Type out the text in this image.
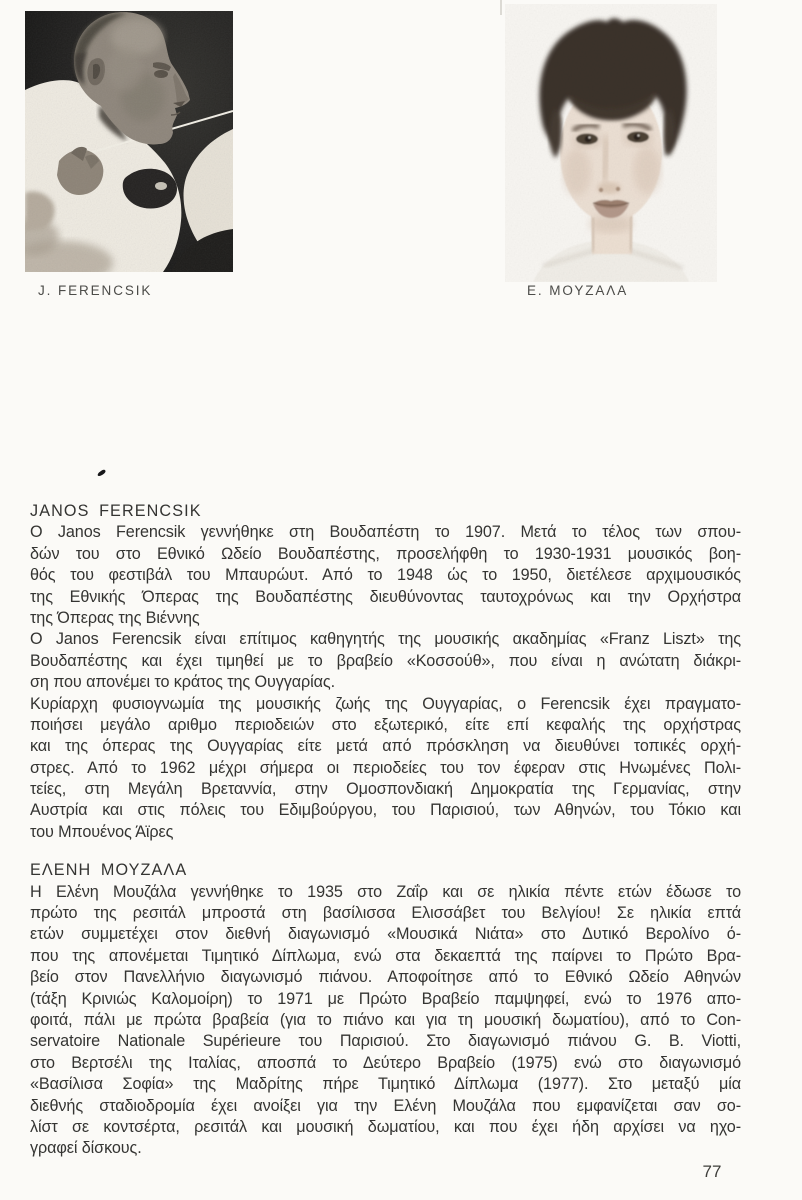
J. FERENCSIK	Ε. ΜΟΥΖΑΛΑ
JANOS FERENCSIK
Ο Janos Ferencsik γεννήθηκε στη Βουδαπέστη το 1907. Μετά το τέλος των σπου-
δών του στο Εθνικό Ωδείο Βουδαπέστης, προσελήφθη το 1930-1931 μουσικός βοη-
θός του φεστιβάλ του Μπαυρώυτ. Από το 1948 ώς το 1950, διετέλεσε αρχιμουσικός
της Εθνικής Όπερας της Βουδαπέστης διευθύνοντας ταυτοχρόνως και την Ορχήστρα
της Όπερας της Βιέννης
Ο Janos Ferencsik είναι επίτιμος καθηγητής της μουσικής ακαδημίας «Franz Liszt» της
Βουδαπέστης και έχει τιμηθεί με το βραβείο «Κοσσούθ», που είναι η ανώτατη διάκρι-
ση που απονέμει το κράτος της Ουγγαρίας.
Κυρίαρχη φυσιογνωμία της μουσικής ζωής της Ουγγαρίας, ο Ferencsik έχει πραγματο-
ποιήσει μεγάλο αριθμο περιοδειών στο εξωτερικό, είτε επί κεφαλής της ορχήστρας
και της όπερας της Ουγγαρίας είτε μετά από πρόσκληση να διευθύνει τοπικές ορχή-
στρες. Από το 1962 μέχρι σήμερα οι περιοδείες του τον έφεραν στις Ηνωμένες Πολι-
τείες, στη Μεγάλη Βρεταννία, στην Ομοσπονδιακή Δημοκρατία της Γερμανίας, στην
Αυστρία και στις πόλεις του Εδιμβούργου, του Παρισιού, των Αθηνών, του Τόκιο και
του Μπουένος Άϊρες
ΕΛΕΝΗ ΜΟΥΖΑΛΑ
Η Ελένη Μουζάλα γεννήθηκε το 1935 στο Ζαΐρ και σε ηλικία πέντε ετών έδωσε το
πρώτο της ρεσιτάλ μπροστά στη βασίλισσα Ελισσάβετ του Βελγίου! Σε ηλικία επτά
ετών συμμετέχει στον διεθνή διαγωνισμό «Μουσικά Νιάτα» στο Δυτικό Βερολίνο ό-
που της απονέμεται Τιμητικό Δίπλωμα, ενώ στα δεκαεπτά της παίρνει το Πρώτο Βρα-
βείο στον Πανελλήνιο διαγωνισμό πιάνου. Αποφοίτησε από το Εθνικό Ωδείο Αθηνών
(τάξη Κρινιώς Καλομοίρη) το 1971 με Πρώτο Βραβείο παμψηφεί, ενώ το 1976 απο-
φοιτά, πάλι με πρώτα βραβεία (για το πιάνο και για τη μουσική δωματίου), από το Con-
servatoire Nationale Supérieure του Παρισιού. Στο διαγωνισμό πιάνου G. B. Viotti,
στο Βερτσέλι της Ιταλίας, αποσπά το Δεύτερο Βραβείο (1975) ενώ στο διαγωνισμό
«Βασίλισα Σοφία» της Μαδρίτης πήρε Τιμητικό Δίπλωμα (1977). Στο μεταξύ μία
διεθνής σταδιοδρομία έχει ανοίξει για την Ελένη Μουζάλα που εμφανίζεται σαν σο-
λίστ σε κοντσέρτα, ρεσιτάλ και μουσική δωματίου, και που έχει ήδη αρχίσει να ηχο-
γραφεί δίσκους.
77
